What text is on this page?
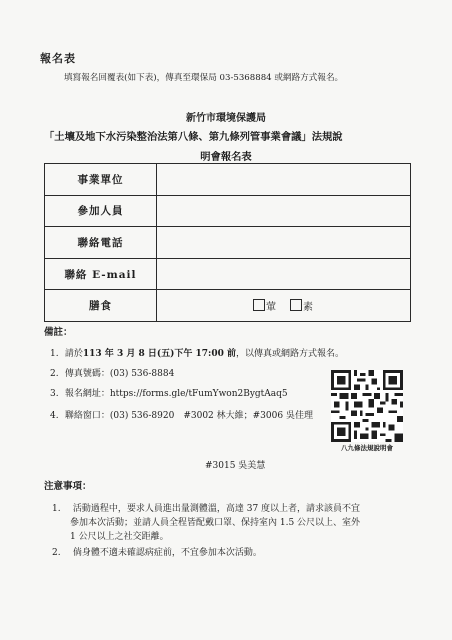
報名表
填寫報名回覆表(如下表)，傳真至環保局 03-5368884 或網路方式報名。
新竹市環境保護局
「土壤及地下水污染整治法第八條、第九條列管事業會議」法規說
明會報名表
事業單位	
參加人員	
聯絡電話	
聯絡 E-mail	
膳食	葷 素
備註：
1. 請於113 年 3 月 8 日(五)下午 17:00 前，以傳真或網路方式報名。
2. 傳真號碼：(03) 536-8884
3. 報名網址：https://forms.gle/tFumYwon2BygtAaq5
4. 聯絡窗口：(03) 536-8920　#3002 林大維；#3006 吳佳理
#3015 吳美慧
八九條法規說明會
注意事項：
1. 活動過程中，要求人員進出量測體溫，高達 37 度以上者，請求該員不宜
參加本次活動；並請人員全程皆配戴口罩、保持室內 1.5 公尺以上、室外
1 公尺以上之社交距離。
2. 倘身體不適未確認病症前，不宜參加本次活動。
